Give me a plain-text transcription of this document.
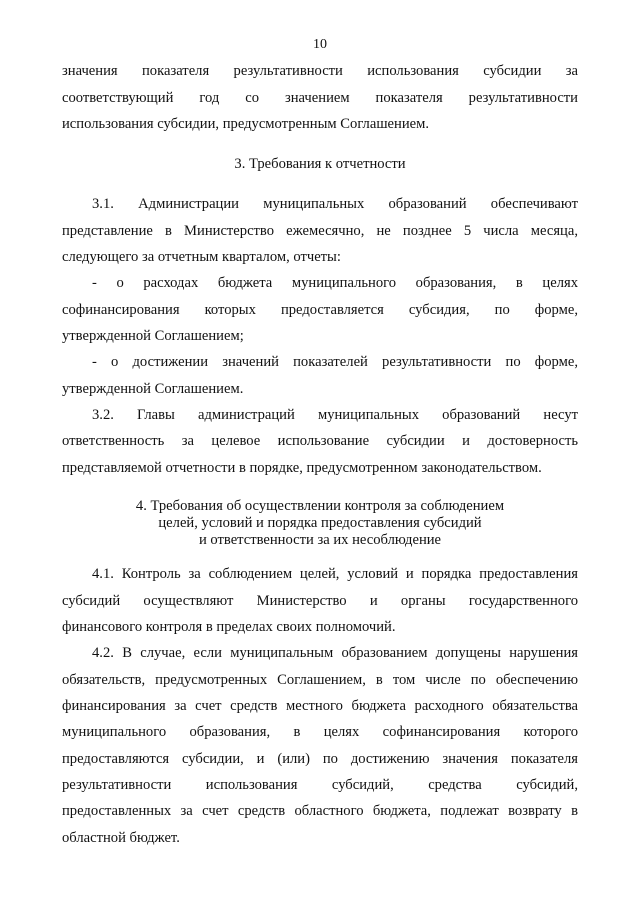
10
значения показателя результативности использования субсидии за
соответствующий год со значением показателя результативности
использования субсидии, предусмотренным Соглашением.
3. Требования к отчетности
3.1. Администрации муниципальных образований обеспечивают
представление в Министерство ежемесячно, не позднее 5 числа месяца,
следующего за отчетным кварталом, отчеты:
- о расходах бюджета муниципального образования, в целях
софинансирования которых предоставляется субсидия, по форме,
утвержденной Соглашением;
- о достижении значений показателей результативности по форме,
утвержденной Соглашением.
3.2. Главы администраций муниципальных образований несут
ответственность за целевое использование субсидии и достоверность
представляемой отчетности в порядке, предусмотренном законодательством.
4. Требования об осуществлении контроля за соблюдением
целей, условий и порядка предоставления субсидий
и ответственности за их несоблюдение
4.1. Контроль за соблюдением целей, условий и порядка предоставления
субсидий осуществляют Министерство и органы государственного
финансового контроля в пределах своих полномочий.
4.2. В случае, если муниципальным образованием допущены нарушения
обязательств, предусмотренных Соглашением, в том числе по обеспечению
финансирования за счет средств местного бюджета расходного обязательства
муниципального образования, в целях софинансирования которого
предоставляются субсидии, и (или) по достижению значения показателя
результативности использования субсидий, средства субсидий,
предоставленных за счет средств областного бюджета, подлежат возврату в
областной бюджет.
